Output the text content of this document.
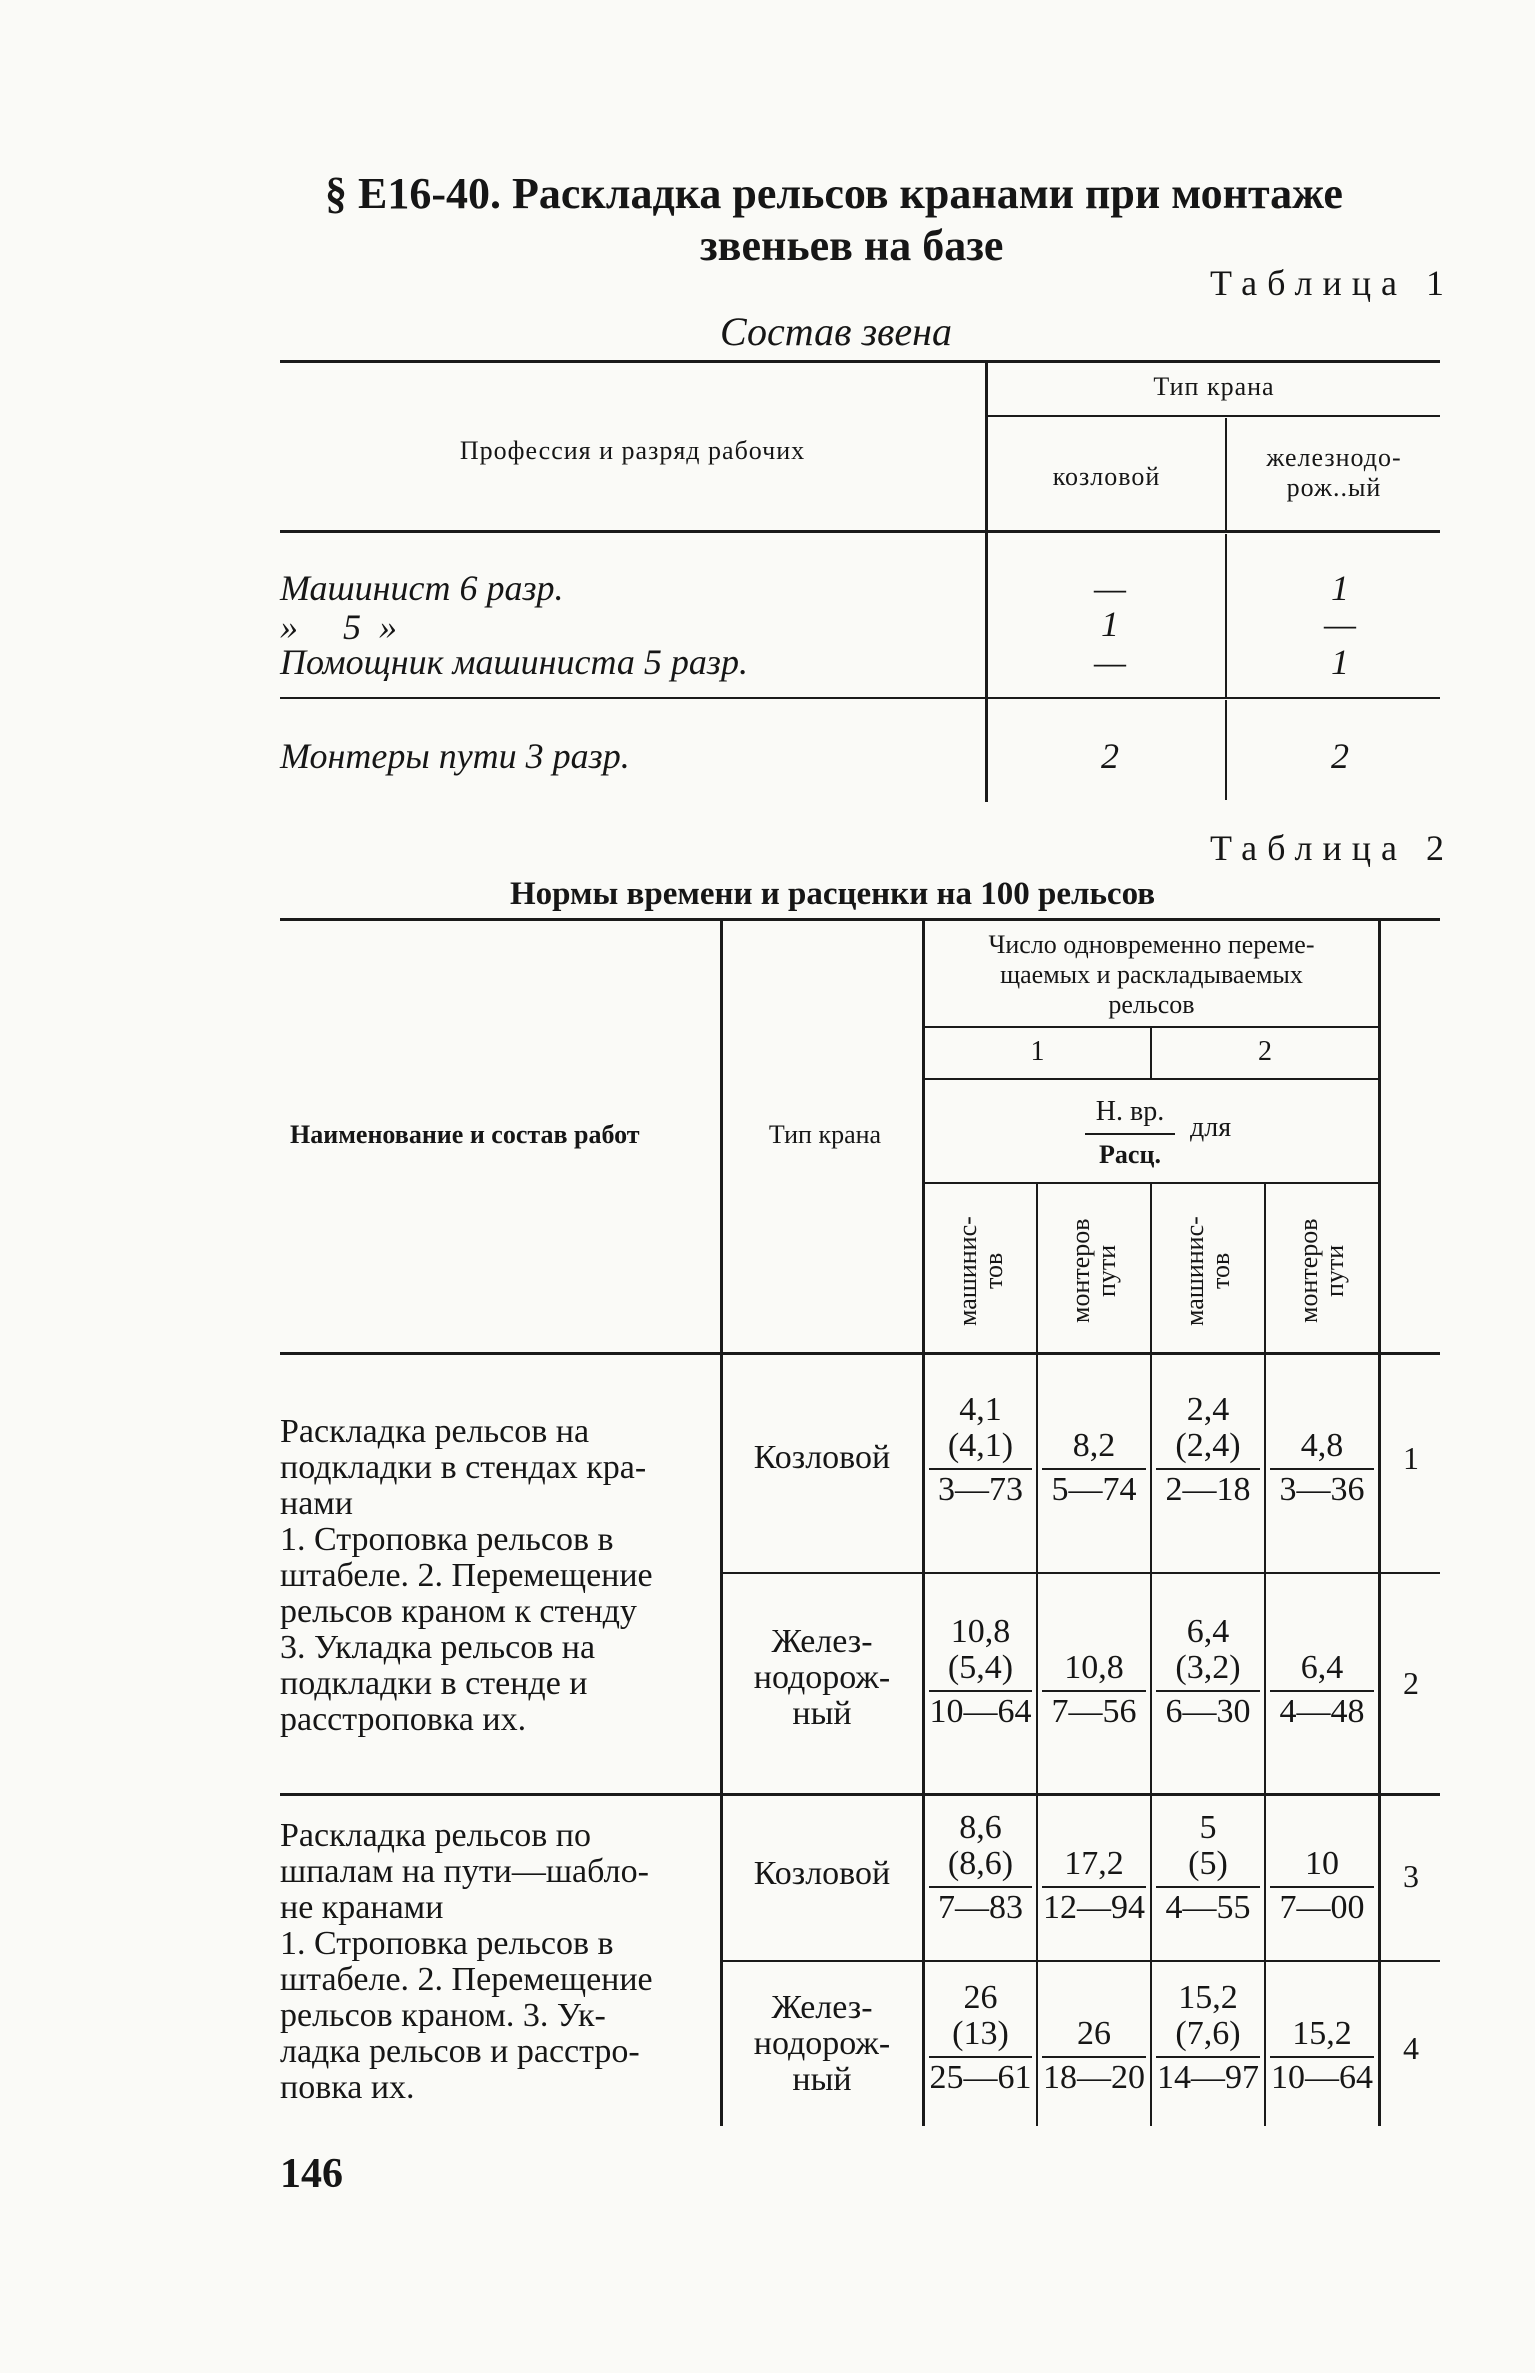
§ Е16-40. Раскладка рельсов кранами при монтаже
звеньев на базе
Таблица 1
Состав звена
Профессия и разряд рабочих
Тип крана
козловой
железнодо-
рож..ый
Машинист 6 разр.
»     5  »
Помощник машиниста 5 разр.
Монтеры пути 3 разр.
—
1
—
2
1
—
1
2
Таблица 2
Нормы времени и расценки на 100 рельсов
Наименование и состав работ	Тип крана
Число одновременно переме-
щаемых и раскладываемых
рельсов
1	2
Н. вр.
Расц.
для
машинис- тов монтеров пути машинис- тов монтеров пути
Раскладка рельсов на
подкладки в стендах кра-
нами
1. Строповка рельсов в
штабеле. 2. Перемещение
рельсов краном к стенду
3. Укладка рельсов на
подкладки в стенде и
расстроповка их.
Раскладка рельсов по
шпалам на пути—шабло-
не кранами
1. Строповка рельсов в
штабеле. 2. Перемещение
рельсов краном. 3. Ук-
ладка рельсов и расстро-
повка их.
Козловой
4,1
(4,1)
3—73
8,2
5—74
2,4
(2,4)
2—18
4,8
3—36
1
Желез-
нодорож-
ный
10,8
(5,4)
10—64
10,8
7—56
6,4
(3,2)
6—30
6,4
4—48
2
Козловой
8,6
(8,6)
7—83
17,2
12—94
5
(5)
4—55
10
7—00
3
Желез-
нодорож-
ный
26
(13)
25—61
26
18—20
15,2
(7,6)
14—97
15,2
10—64
4
146
